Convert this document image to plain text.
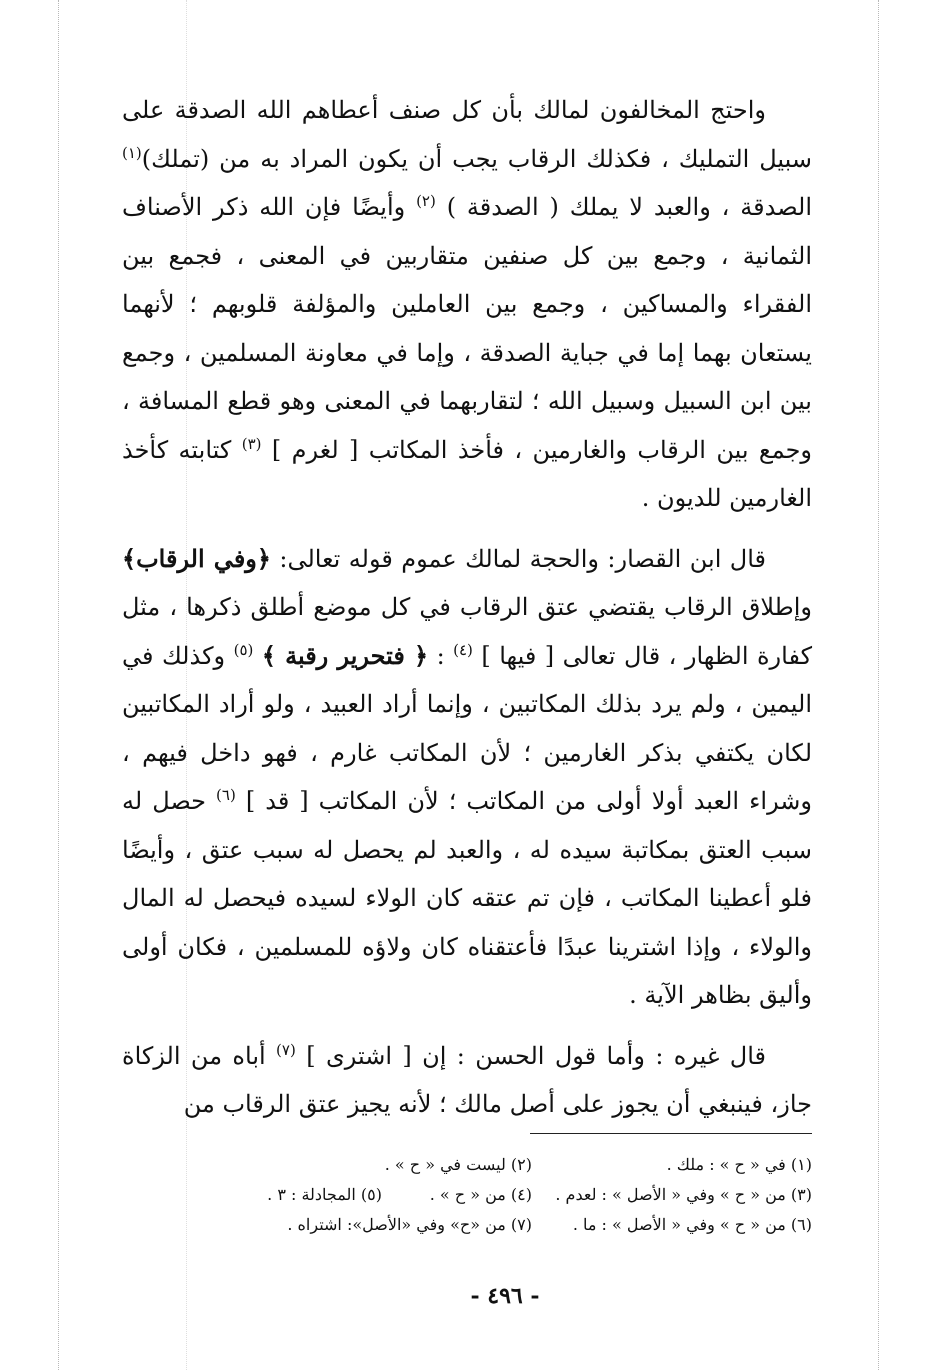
واحتج المخالفون لمالك بأن كل صنف أعطاهم الله الصدقة على سبيل التمليك ، فكذلك الرقاب يجب أن يكون المراد به من (تملك)$^{(١)}$ الصدقة ، والعبد لا يملك ( الصدقة ) $^{(٢)}$ وأيضًا فإن الله ذكر الأصناف الثمانية ، وجمع بين كل صنفين متقاربين في المعنى ، فجمع بين الفقراء والمساكين ، وجمع بين العاملين والمؤلفة قلوبهم ؛ لأنهما يستعان بهما إما في جباية الصدقة ، وإما في معاونة المسلمين ، وجمع بين ابن السبيل وسبيل الله ؛ لتقاربهما في المعنى وهو قطع المسافة ، وجمع بين الرقاب والغارمين ، فأخذ المكاتب [ لغرم ] $^{(٣)}$ كتابته كأخذ الغارمين للديون .
قال ابن القصار: والحجة لمالك عموم قوله تعالى: ﴿وفي الرقاب﴾ وإطلاق الرقاب يقتضي عتق الرقاب في كل موضع أطلق ذكرها ، مثل كفارة الظهار ، قال تعالى [ فيها ] $^{(٤)}$ : ﴿ فتحرير رقبة ﴾ $^{(٥)}$ وكذلك في اليمين ، ولم يرد بذلك المكاتبين ، وإنما أراد العبيد ، ولو أراد المكاتبين لكان يكتفي بذكر الغارمين ؛ لأن المكاتب غارم ، فهو داخل فيهم ، وشراء العبد أولا أولى من المكاتب ؛ لأن المكاتب [ قد ] $^{(٦)}$ حصل له سبب العتق بمكاتبة سيده له ، والعبد لم يحصل له سبب عتق ، وأيضًا فلو أعطينا المكاتب ، فإن تم عتقه كان الولاء لسيده فيحصل له المال والولاء ، وإذا اشترينا عبدًا فأعتقناه كان ولاؤه للمسلمين ، فكان أولى وأليق بظاهر الآية .
قال غيره : وأما قول الحسن : إن [ اشترى ] $^{(٧)}$ أباه من الزكاة جاز، فينبغي أن يجوز على أصل مالك ؛ لأنه يجيز عتق الرقاب من
(١) في « ح » : ملك .
(٢) ليست في « ح » .
(٣) من « ح » وفي « الأصل » : لعدم .
(٤) من « ح » .
(٥) المجادلة : ٣ .
(٦) من « ح » وفي « الأصل » : ما .
(٧) من «ح» وفي «الأصل»: اشتراه .
- ٤٩٦ -
